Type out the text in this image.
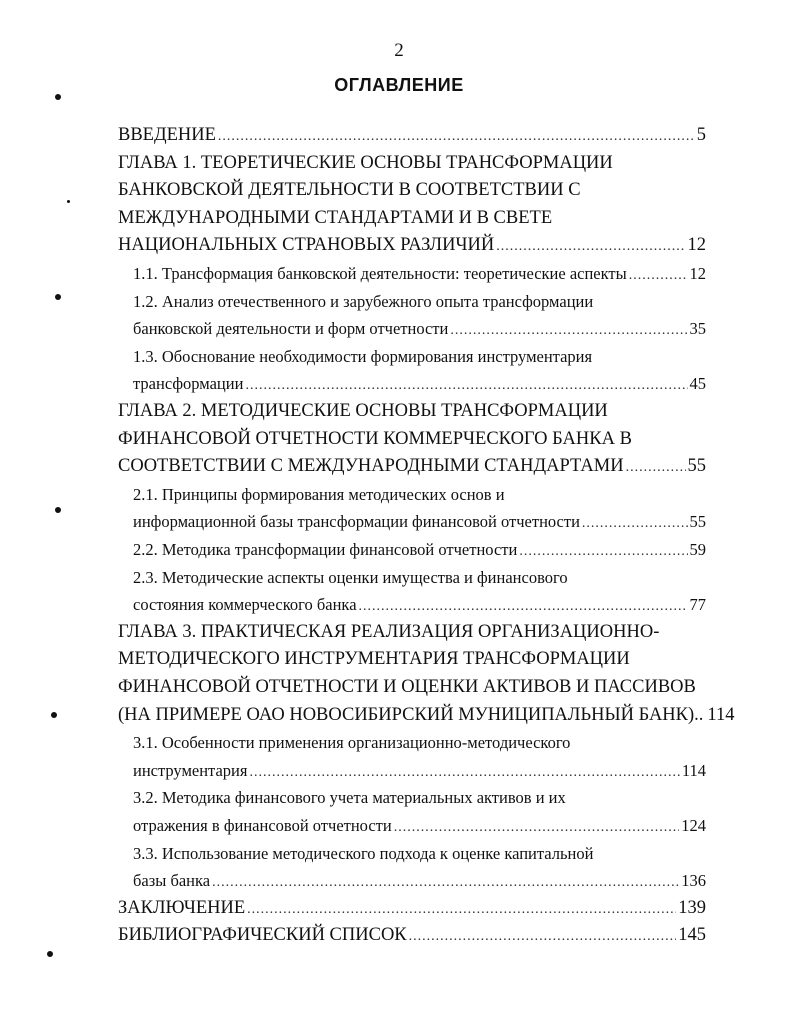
2
ОГЛАВЛЕНИЕ
ВВЕДЕНИЕ .....	5
ГЛАВА 1. ТЕОРЕТИЧЕСКИЕ ОСНОВЫ ТРАНСФОРМАЦИИ
БАНКОВСКОЙ ДЕЯТЕЛЬНОСТИ В СООТВЕТСТВИИ С
МЕЖДУНАРОДНЫМИ СТАНДАРТАМИ И В СВЕТЕ
НАЦИОНАЛЬНЫХ СТРАНОВЫХ РАЗЛИЧИЙ .....	12
1.1. Трансформация банковской деятельности: теоретические аспекты .....	12
1.2. Анализ отечественного и зарубежного опыта трансформации
банковской деятельности и форм отчетности .....	35
1.3. Обоснование необходимости формирования инструментария
трансформации .....	45
ГЛАВА 2. МЕТОДИЧЕСКИЕ ОСНОВЫ ТРАНСФОРМАЦИИ
ФИНАНСОВОЙ ОТЧЕТНОСТИ КОММЕРЧЕСКОГО БАНКА В
СООТВЕТСТВИИ С МЕЖДУНАРОДНЫМИ СТАНДАРТАМИ .....	55
2.1. Принципы формирования методических основ и
информационной базы трансформации финансовой отчетности .....	55
2.2. Методика трансформации финансовой отчетности .....	59
2.3. Методические аспекты оценки имущества и финансового
состояния коммерческого банка .....	77
ГЛАВА 3. ПРАКТИЧЕСКАЯ РЕАЛИЗАЦИЯ ОРГАНИЗАЦИОННО-
МЕТОДИЧЕСКОГО ИНСТРУМЕНТАРИЯ ТРАНСФОРМАЦИИ
ФИНАНСОВОЙ ОТЧЕТНОСТИ И ОЦЕНКИ АКТИВОВ И ПАССИВОВ
(НА ПРИМЕРЕ ОАО НОВОСИБИРСКИЙ МУНИЦИПАЛЬНЫЙ БАНК).. 114
3.1. Особенности применения организационно-методического
инструментария .....	114
3.2. Методика финансового учета материальных активов и их
отражения в финансовой отчетности .....	124
3.3. Использование методического подхода к оценке капитальной
базы банка .....	136
ЗАКЛЮЧЕНИЕ .....	139
БИБЛИОГРАФИЧЕСКИЙ СПИСОК .....	145
